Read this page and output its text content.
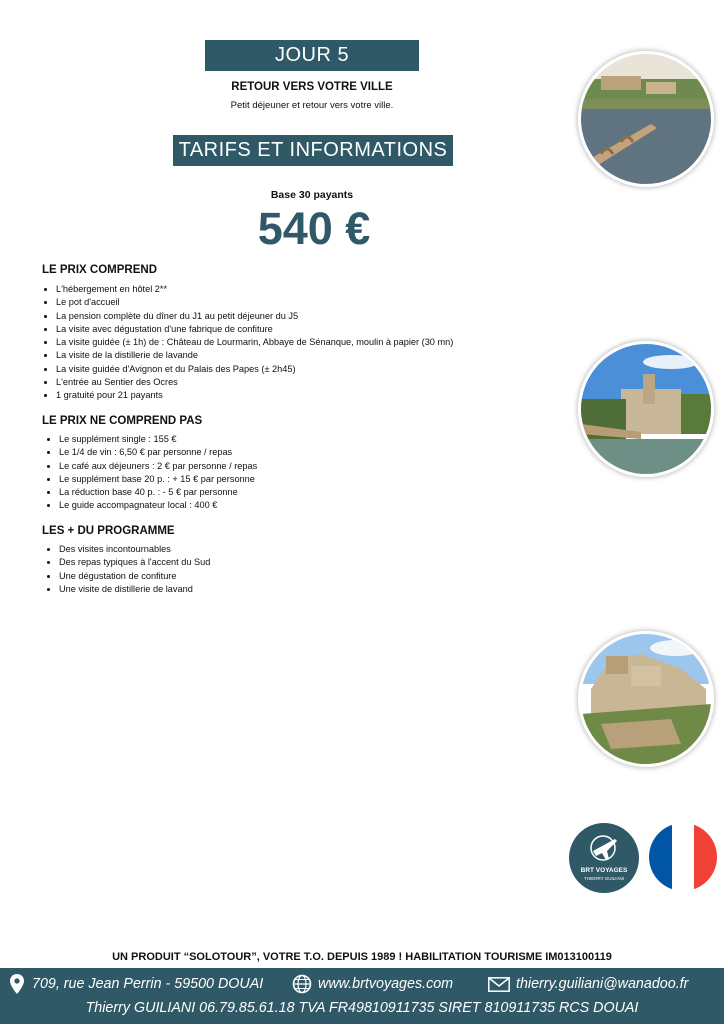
JOUR 5
RETOUR VERS VOTRE VILLE
Petit déjeuner et retour vers votre ville.
TARIFS ET INFORMATIONS
Base 30 payants
540 €
LE PRIX COMPREND
• L'hébergement en hôtel 2**
• Le pot d'accueil
• La pension complète du dîner du J1 au petit déjeuner du J5
• La visite avec dégustation d'une fabrique de confiture
• La visite guidée (± 1h) de : Château de Lourmarin, Abbaye de Sénanque, moulin à papier (30 mn)
• La visite de la distillerie de lavande
• La visite guidée d'Avignon et du Palais des Papes (± 2h45)
• L'entrée au Sentier des Ocres
• 1 gratuité pour 21 payants
LE PRIX NE COMPREND PAS
• Le supplément single : 155 €
• Le 1/4 de vin : 6,50 € par personne / repas
• Le café aux déjeuners : 2 € par personne / repas
• Le supplément base 20 p. : + 15 € par personne
• La réduction base 40 p. : - 5 € par personne
• Le guide accompagnateur local : 400 €
LES + DU PROGRAMME
• Des visites incontournables
• Des repas typiques à l'accent du Sud
• Une dégustation de confiture
• Une visite de distillerie de lavand
BRT VOYAGES
THIERRY GUILIANI
UN PRODUIT “SOLOTOUR”, VOTRE T.O. DEPUIS 1989 ! HABILITATION TOURISME IM013100119
709, rue Jean Perrin - 59500 DOUAI	www.brtvoyages.com	thierry.guiliani@wanadoo.fr
Thierry GUILIANI 06.79.85.61.18 TVA FR49810911735 SIRET 810911735 RCS DOUAI
